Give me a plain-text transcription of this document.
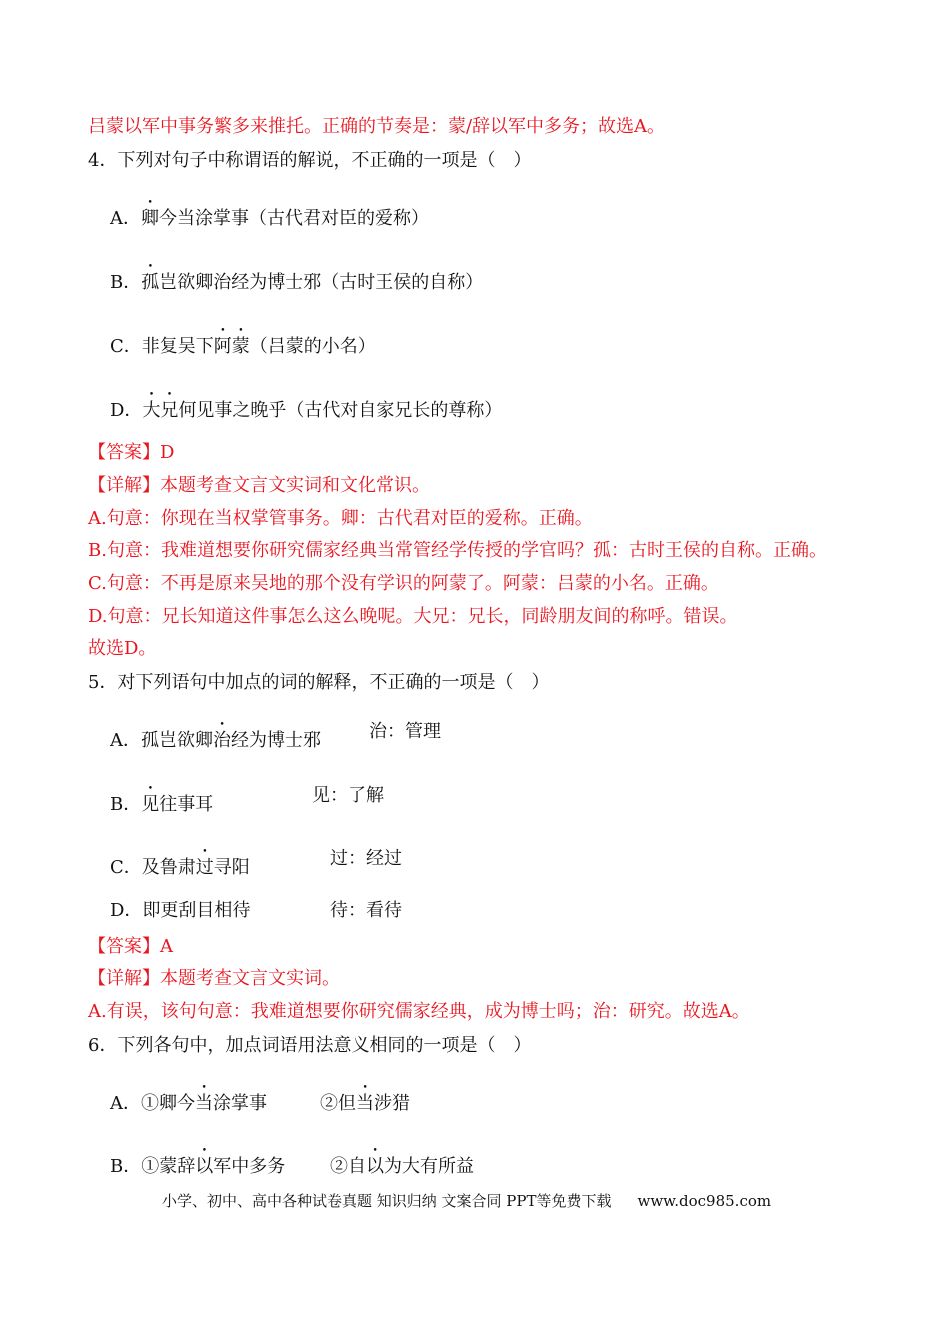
吕蒙以军中事务繁多来推托。正确的节奏是：蒙/辞以军中多务；故选A。
4．下列对句子中称谓语的解说，不正确的一项是（　）
A．卿今当涂掌事（古代君对臣的爱称）
B．孤岂欲卿治经为博士邪（古时王侯的自称）
C．非复吴下阿蒙（吕蒙的小名）
D．大兄何见事之晚乎（古代对自家兄长的尊称）
【答案】D
【详解】本题考查文言文实词和文化常识。
A.句意：你现在当权掌管事务。卿：古代君对臣的爱称。正确。
B.句意：我难道想要你研究儒家经典当常管经学传授的学官吗？孤：古时王侯的自称。正确。
C.句意：不再是原来吴地的那个没有学识的阿蒙了。阿蒙：吕蒙的小名。正确。
D.句意：兄长知道这件事怎么这么晚呢。大兄：兄长，同龄朋友间的称呼。错误。
故选D。
5．对下列语句中加点的词的解释，不正确的一项是（　）
A．孤岂欲卿治经为博士邪	治：管理
B．见往事耳	见：了解
C．及鲁肃过寻阳	过：经过
D．即更刮目相待	待：看待
【答案】A
【详解】本题考查文言文实词。
A.有误，该句句意：我难道想要你研究儒家经典，成为博士吗；治：研究。故选A。
6．下列各句中，加点词语用法意义相同的一项是（　）
A．①卿今当涂掌事	②但当涉猎
B．①蒙辞以军中多务 ②自以为大有所益
小学、初中、高中各种试卷真题 知识归纳 文案合同 PPT等免费下载 www.doc985.com
